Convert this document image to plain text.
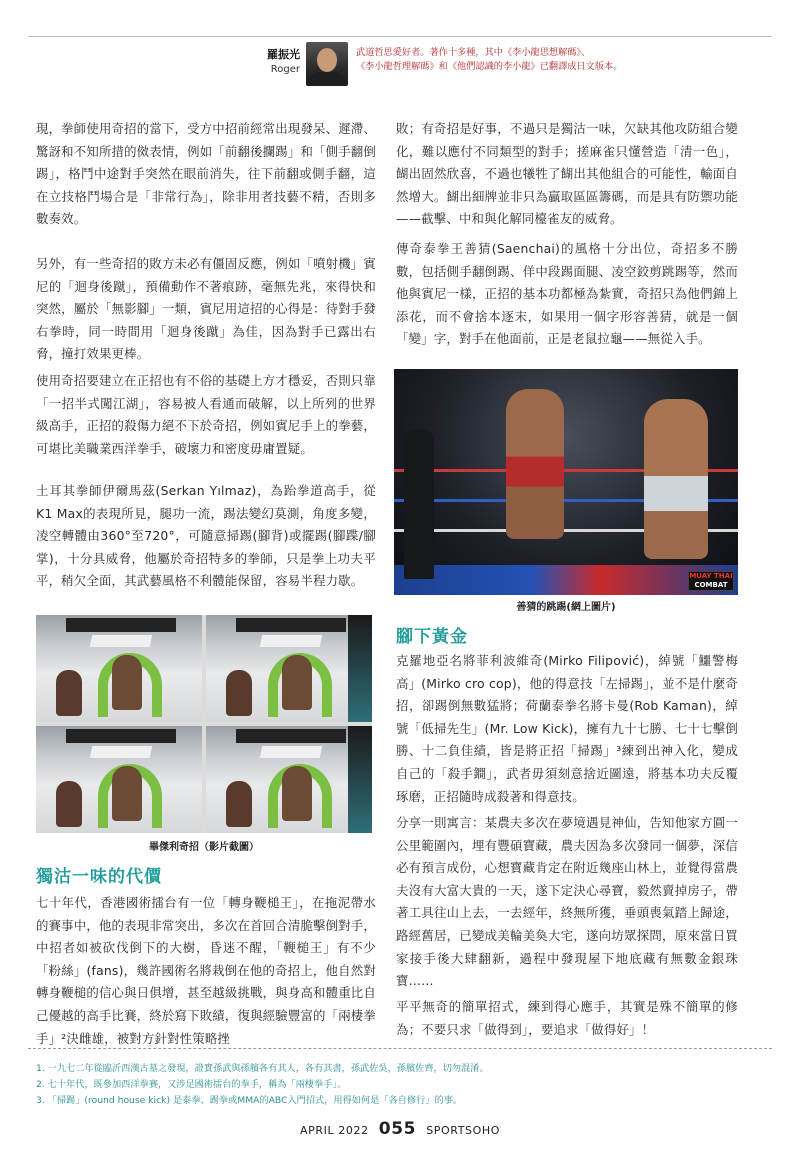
羅振光
Roger
武道哲思愛好者。著作十多種，其中《李小龍思想解碼》、
《李小龍哲理解碼》和《他們認識的李小龍》已翻譯成日文版本。
現，拳師使用奇招的當下，受方中招前經常出現發呆、遲滯、驚訝和不知所措的傚表情，例如「前翻後攔踢」和「側手翻倒踢」，格鬥中途對手突然在眼前消失，往下前翻或側手翻，這在立技格鬥場合是「非常行為」，除非用者技藝不精，否則多數奏效。
另外，有一些奇招的敗方未必有僵固反應，例如「噴射機」賓尼的「迴身後蹴」，預備動作不著痕跡，毫無先兆，來得快和突然，屬於「無影腳」一類，賓尼用這招的心得是：待對手發右拳時，同一時間用「迴身後蹴」為佳，因為對手已露出右脅，撞打效果更棒。
使用奇招要建立在正招也有不俗的基礎上方才穩妥，否則只靠「一招半式闖江湖」，容易被人看通而破解，以上所列的世界級高手，正招的殺傷力絕不下於奇招，例如賓尼手上的拳藝，可堪比美職業西洋拳手，破壞力和密度毋庸置疑。
土耳其拳師伊爾馬茲(Serkan Yılmaz)，為跆拳道高手，從K1 Max的表現所見，腿功一流，踢法變幻莫測，角度多變，凌空轉體由360°至720°，可隨意掃踢(腳背)或擺踢(腳蹀/腳掌)，十分具威脅，他屬於奇招特多的拳師，只是拳上功夫平平，稍欠全面，其武藝風格不利體能保留，容易半程力歇。
畢傑利奇招（影片截圖）
獨沽一味的代價
七十年代，香港國術擂台有一位「轉身鞭槌王」，在拖泥帶水的賽事中，他的表現非常突出，多次在首回合清脆擊倒對手，中招者如被砍伐倒下的大樹，昏迷不醒，「鞭槌王」有不少「粉絲」(fans)，幾許國術名將栽倒在他的奇招上，他自然對轉身鞭槌的信心與日俱增，甚至越級挑戰，與身高和體重比自己優越的高手比賽，終於寫下敗績，復與經驗豐富的「兩棲拳手」²決雌雄，被對方針對性策略挫
敗；有奇招是好事，不過只是獨沽一味，欠缺其他攻防組合變化，難以應付不同類型的對手；搓麻雀只懂營造「清一色」，餬出固然欣喜，不過也犧牲了餬出其他組合的可能性，輸面自然增大。餬出細牌並非只為贏取區區籌碼，而是具有防禦功能——截擊、中和與化解同檯雀友的威脅。
傳奇泰拳王善猜(Saenchai)的風格十分出位，奇招多不勝數，包括側手翻倒踢、佯中段踢面腿、凌空鉸剪跳踢等，然而他與賓尼一樣，正招的基本功都極為紮實，奇招只為他們錦上添花，而不會捨本逐末，如果用一個字形容善猜，就是一個「變」字，對手在他面前，正是老鼠拉龜——無從入手。
MUAY THAI
COMBAT
善猜的跳踢(網上圖片)
腳下黃金
克羅地亞名將菲利波維奇(Mirko Filipović)，綽號「鱷警梅高」(Mirko cro cop)，他的得意技「左掃踢」，並不是什麼奇招，卻踢倒無數猛將；荷蘭泰拳名將卡曼(Rob Kaman)，綽號「低掃先生」(Mr. Low Kick)，擁有九十七勝、七十七擊倒勝、十二負佳績，皆是將正招「掃踢」³練到出神入化，變成自己的「殺手鐧」，武者毋須刻意捨近圖遠，將基本功夫反覆琢磨，正招隨時成殺著和得意技。
分享一則寓言：某農夫多次在夢境遇見神仙，告知他家方圓一公里範圍內，埋有豐碩寶藏，農夫因為多次發同一個夢，深信必有預言成份，心想寶藏肯定在附近幾座山林上，並覺得當農夫沒有大富大貴的一天，遂下定決心尋寶，毅然賣掉房子，帶著工具往山上去，一去經年，終無所獲，垂頭喪氣踏上歸途，路經舊居，已變成美輪美奐大宅，遂向坊眾探問，原來當日買家接手後大肆翻新，過程中發現屋下地底藏有無數金銀珠寶……
平平無奇的簡單招式，練到得心應手，其實是殊不簡單的修為；不要只求「做得到」，要追求「做得好」！
1. 一九七二年從臨沂西漢古墓之發現，證實孫武與孫臏各有其人，各有其書，孫武佐吳，孫臏佐齊，切勿混淆。
2. 七十年代，既參加西洋拳賽，又涉足國術擂台的拳手，稱為「兩棲拳手」。
3. 「掃踢」(round house kick) 是泰拳、踢拳或MMA的ABC入門招式，用得如何是「各自修行」的事。
APRIL 2022 055 SPORTSOHO
